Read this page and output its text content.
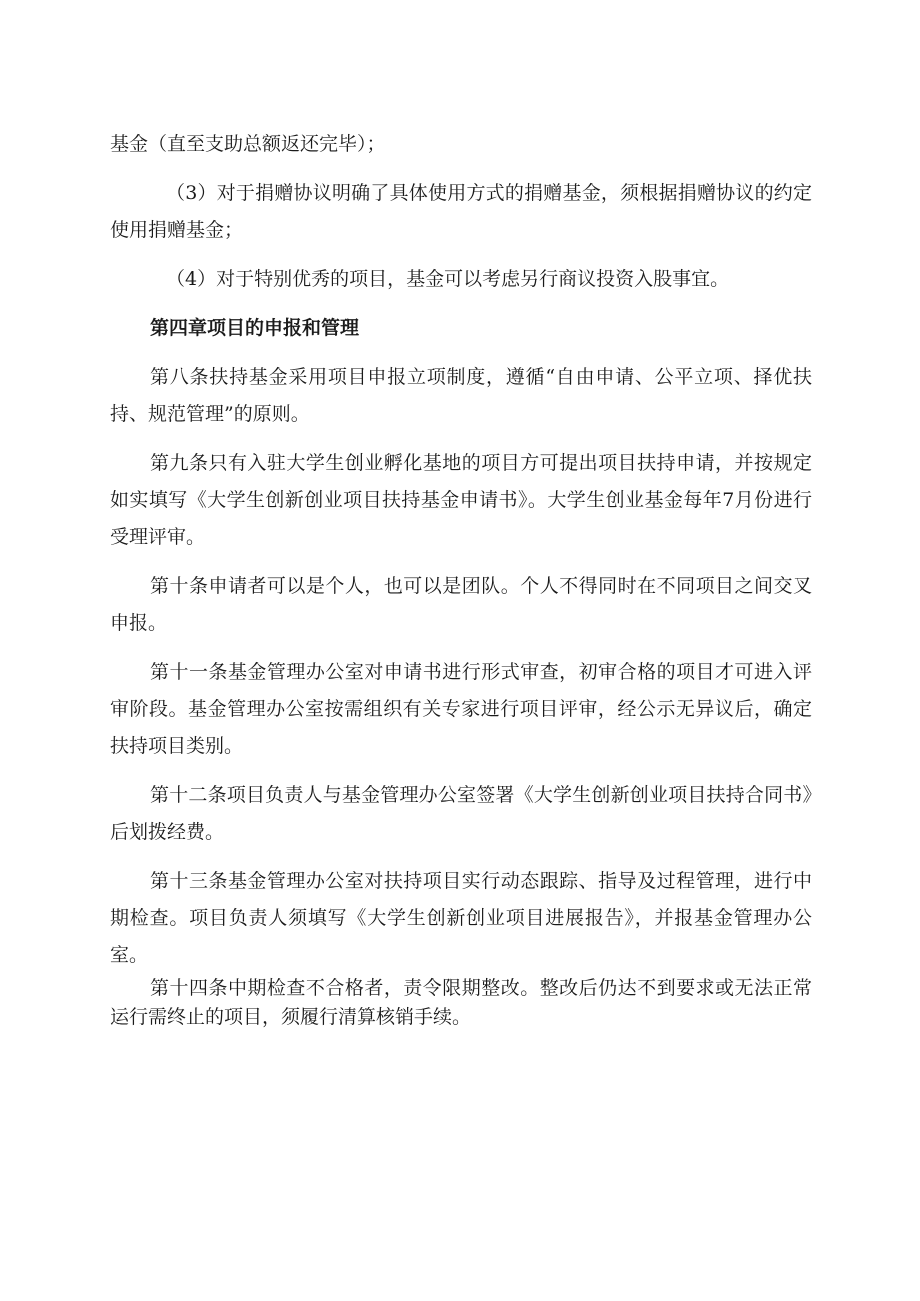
基金（直至支助总额返还完毕）；

（3）对于捐赠协议明确了具体使用方式的捐赠基金，须根据捐赠协议的约定使用捐赠基金；

（4）对于特别优秀的项目，基金可以考虑另行商议投资入股事宜。

第四章项目的申报和管理

第八条扶持基金采用项目申报立项制度，遵循“自由申请、公平立项、择优扶持、规范管理”的原则。

第九条只有入驻大学生创业孵化基地的项目方可提出项目扶持申请，并按规定如实填写《大学生创新创业项目扶持基金申请书》。大学生创业基金每年7月份进行受理评审。

第十条申请者可以是个人，也可以是团队。个人不得同时在不同项目之间交叉申报。

第十一条基金管理办公室对申请书进行形式审查，初审合格的项目才可进入评审阶段。基金管理办公室按需组织有关专家进行项目评审，经公示无异议后，确定扶持项目类别。

第十二条项目负责人与基金管理办公室签署《大学生创新创业项目扶持合同书》后划拨经费。

第十三条基金管理办公室对扶持项目实行动态跟踪、指导及过程管理，进行中期检查。项目负责人须填写《大学生创新创业项目进展报告》，并报基金管理办公室。

第十四条中期检查不合格者，责令限期整改。整改后仍达不到要求或无法正常运行需终止的项目，须履行清算核销手续。
